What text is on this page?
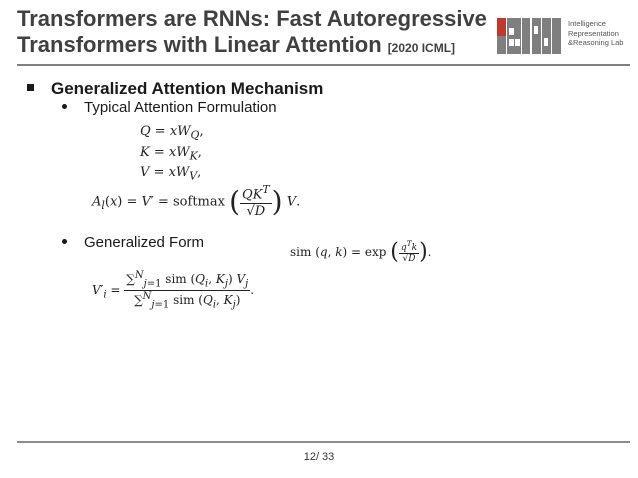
Transformers are RNNs: Fast Autoregressive
Transformers with Linear Attention [2020 ICML]
Intelligence
Representation
&Reasoning Lab
Generalized Attention Mechanism
Typical Attention Formulation
$Q = xW_Q$,
$K = xW_K$,
$V = xW_V$,
$A_l(x) = V'$ = softmax ( $\frac{QK^T}{√D}$ ) V.
Generalized Form
sim (q, k) = exp ( $\frac{q^Tk}{√D}$ ).
$V'_i = \frac{\sum^N_{j=1} sim (Q_i, K_j) V_j}{\sum^N_{j=1} sim (Q_i, K_j)}$ .
12/ 33
